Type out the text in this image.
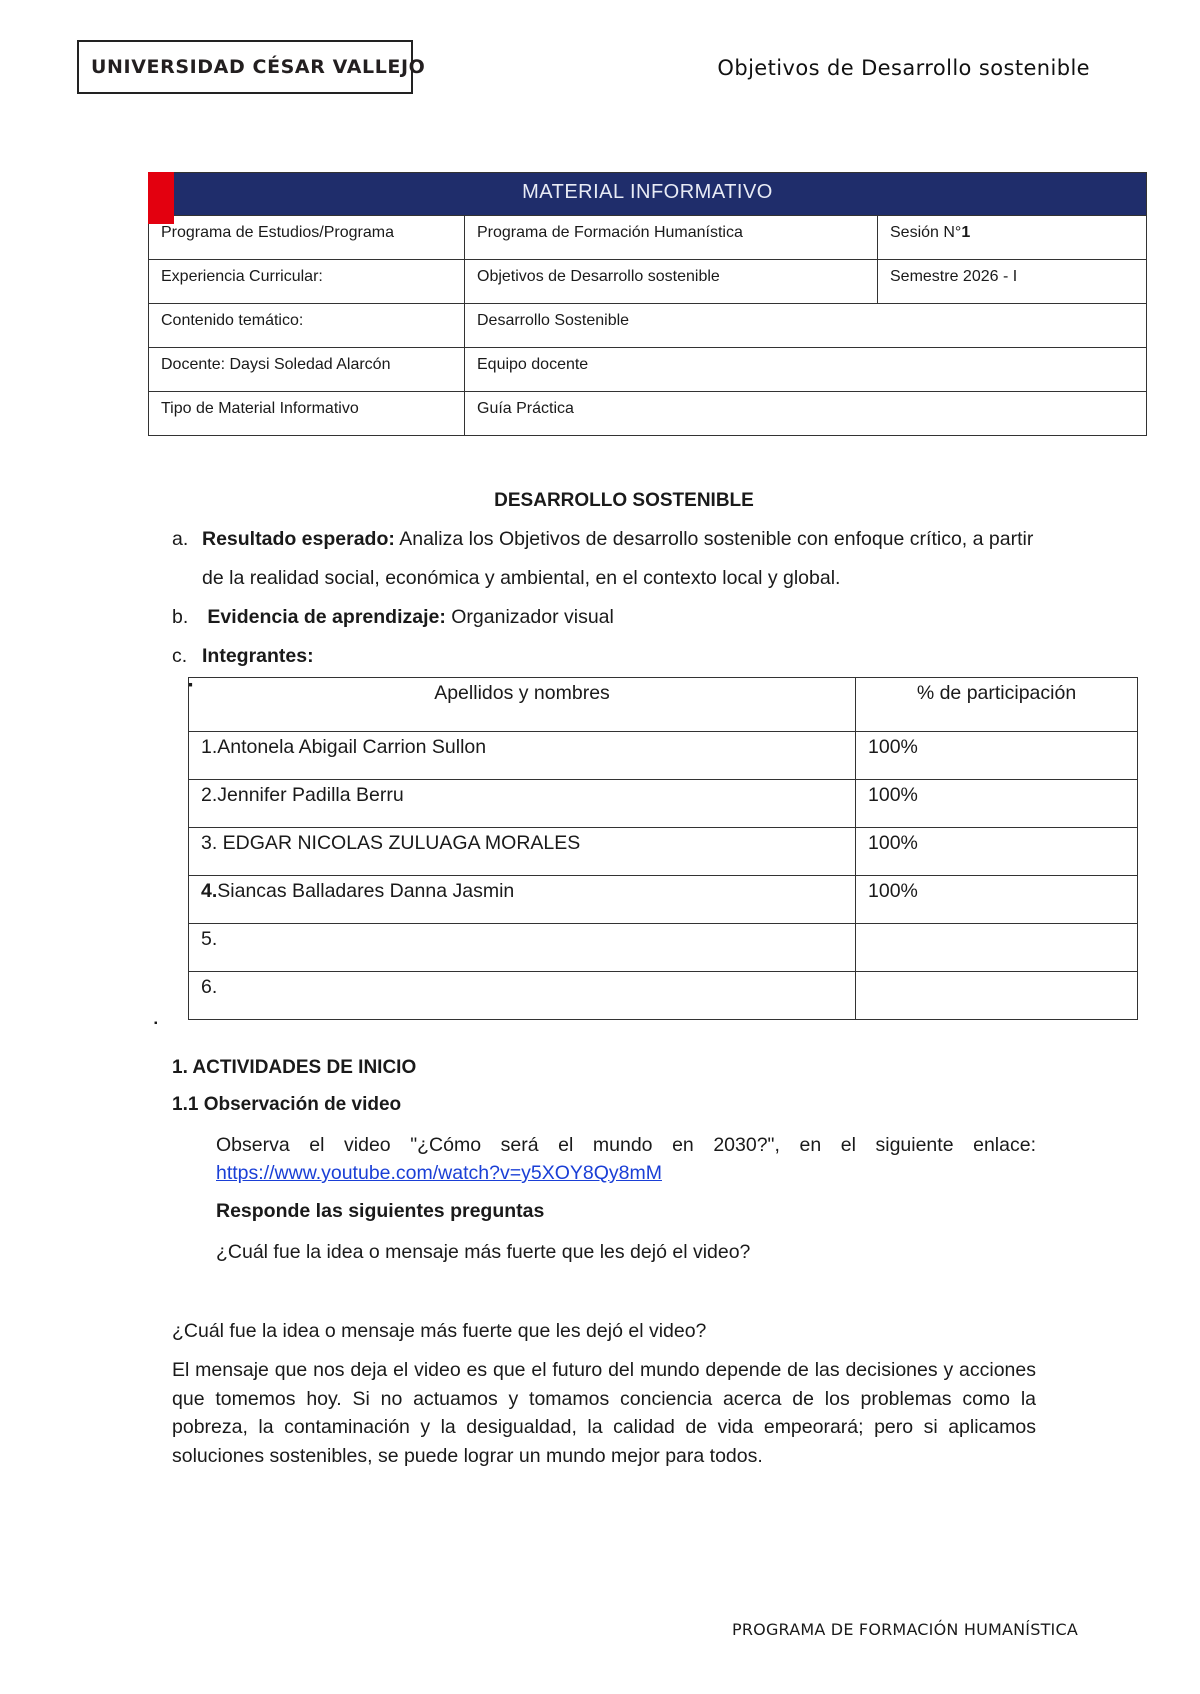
UNIVERSIDAD CÉSAR VALLEJO	Objetivos de Desarrollo sostenible
MATERIAL INFORMATIVO		
Programa de Estudios/Programa	Programa de Formación Humanística	Sesión N°1
Experiencia Curricular:	Objetivos de Desarrollo sostenible	Semestre 2026 - I
Contenido temático:	Desarrollo Sostenible	
Docente: Daysi Soledad Alarcón	Equipo docente	
Tipo de Material Informativo	Guía Práctica	
DESARROLLO SOSTENIBLE
a. Resultado esperado: Analiza los Objetivos de desarrollo sostenible con enfoque crítico, a partir
de la realidad social, económica y ambiental, en el contexto local y global.
b. Evidencia de aprendizaje: Organizador visual
c. Integrantes:
▪	Apellidos y nombres	% de participación
1.Antonela Abigail Carrion Sullon	100%
2.Jennifer Padilla Berru	100%
3. EDGAR NICOLAS ZULUAGA MORALES	100%
4.Siancas Balladares Danna Jasmin	100%
5.	
6.	
▪
1. ACTIVIDADES DE INICIO
1.1 Observación de video
Observa el video "¿Cómo será el mundo en 2030?", en el siguiente enlace:
https://www.youtube.com/watch?v=y5XOY8Qy8mM
Responde las siguientes preguntas
¿Cuál fue la idea o mensaje más fuerte que les dejó el video?
¿Cuál fue la idea o mensaje más fuerte que les dejó el video?
El mensaje que nos deja el video es que el futuro del mundo depende de las decisiones y acciones que tomemos hoy. Si no actuamos y tomamos conciencia acerca de los problemas como la pobreza, la contaminación y la desigualdad, la calidad de vida empeorará; pero si aplicamos soluciones sostenibles, se puede lograr un mundo mejor para todos.
PROGRAMA DE FORMACIÓN HUMANÍSTICA
